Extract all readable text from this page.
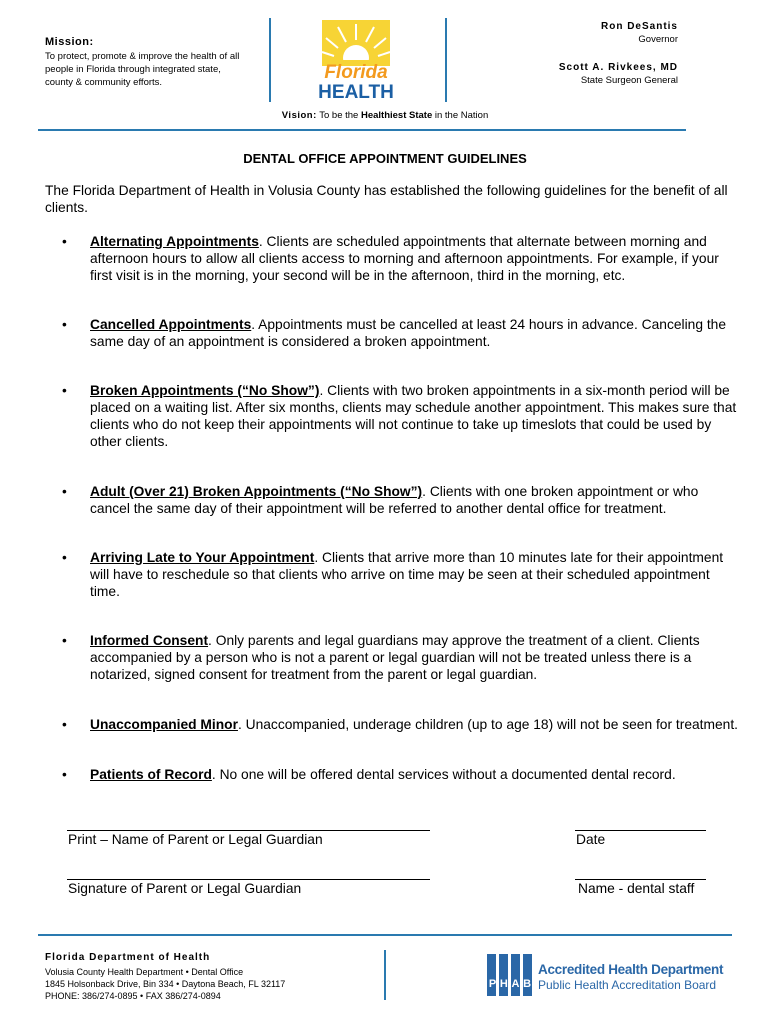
Mission:
To protect, promote & improve the health of all people in Florida through integrated state, county & community efforts.	Florida
HEALTH
Ron DeSantis
Governor
Scott A. Rivkees, MD
State Surgeon General
Vision: To be the Healthiest State in the Nation
DENTAL OFFICE APPOINTMENT GUIDELINES
The Florida Department of Health in Volusia County has established the following guidelines for the benefit of all clients.
• Alternating Appointments. Clients are scheduled appointments that alternate between morning and afternoon hours to allow all clients access to morning and afternoon appointments. For example, if your first visit is in the morning, your second will be in the afternoon, third in the morning, etc.
• Cancelled Appointments. Appointments must be cancelled at least 24 hours in advance. Canceling the same day of an appointment is considered a broken appointment.
• Broken Appointments (“No Show”). Clients with two broken appointments in a six-month period will be placed on a waiting list. After six months, clients may schedule another appointment. This makes sure that clients who do not keep their appointments will not continue to take up timeslots that could be used by other clients.
• Adult (Over 21) Broken Appointments (“No Show”). Clients with one broken appointment or who cancel the same day of their appointment will be referred to another dental office for treatment.
• Arriving Late to Your Appointment. Clients that arrive more than 10 minutes late for their appointment will have to reschedule so that clients who arrive on time may be seen at their scheduled appointment time.
• Informed Consent. Only parents and legal guardians may approve the treatment of a client. Clients accompanied by a person who is not a parent or legal guardian will not be treated unless there is a notarized, signed consent for treatment from the parent or legal guardian.
• Unaccompanied Minor. Unaccompanied, underage children (up to age 18) will not be seen for treatment.
• Patients of Record. No one will be offered dental services without a documented dental record.
Print – Name of Parent or Legal Guardian	Date
Signature of Parent or Legal Guardian	Name - dental staff
Florida Department of Health
Volusia County Health Department • Dental Office
1845 Holsonback Drive, Bin 334 • Daytona Beach, FL 32117
PHONE: 386/274-0895 • FAX 386/274-0894
P H A B
Accredited Health Department
Public Health Accreditation Board
